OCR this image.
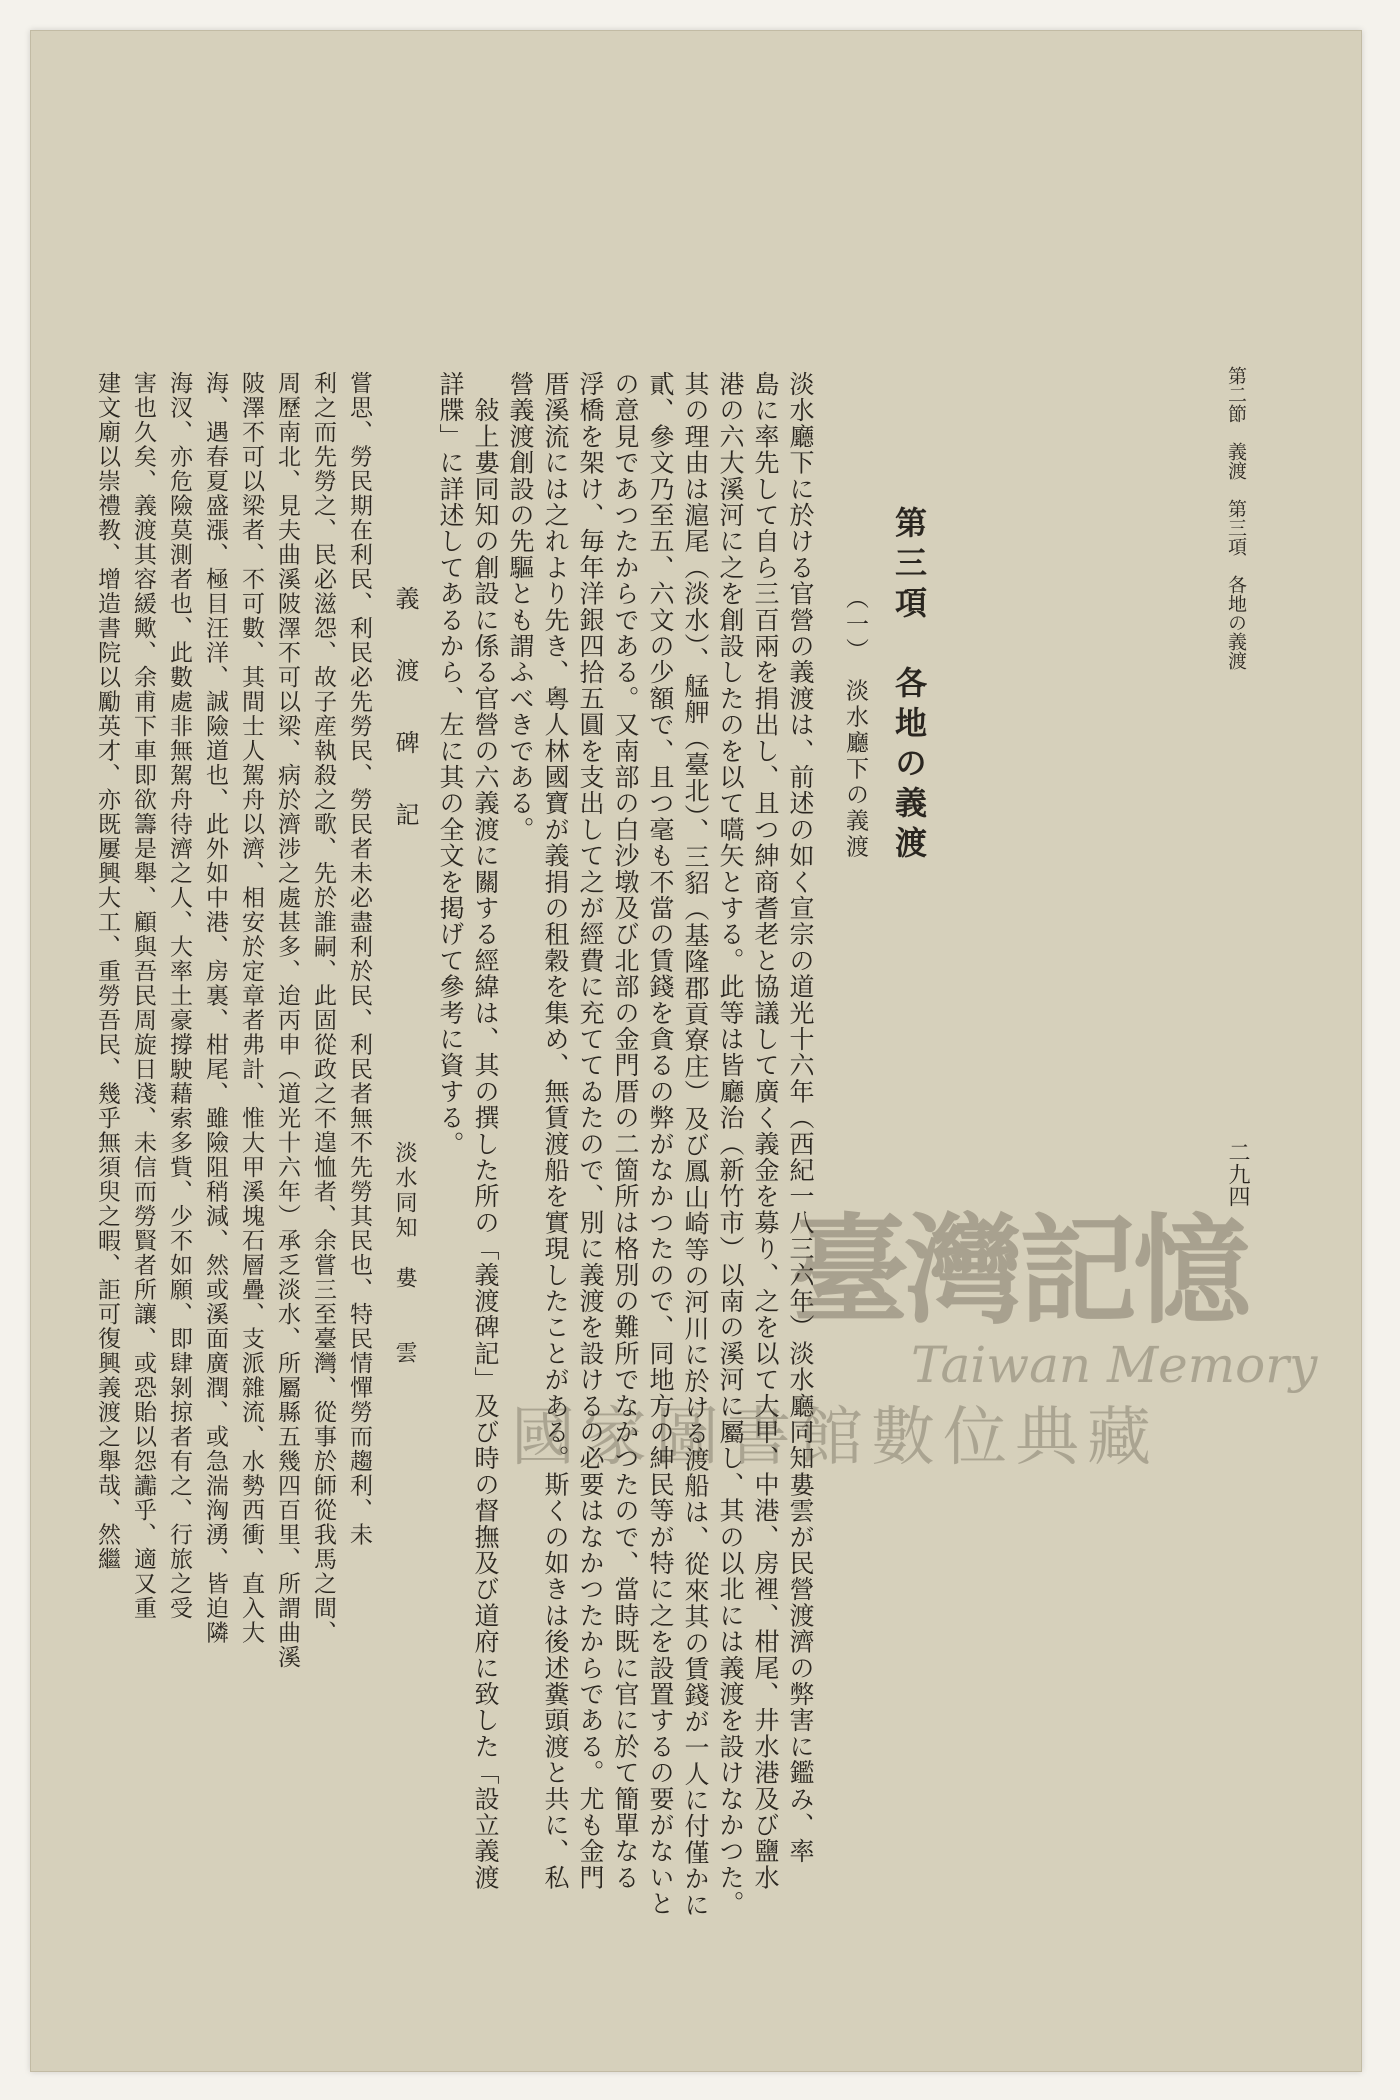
第二節　義渡　第三項　各地の義渡
二九四
第三項　各地の義渡
（一）　淡水廳下の義渡
淡水廳下に於ける官營の義渡は、前述の如く宣宗の道光十六年（西紀一八三六年）淡水廳同知婁雲が民營渡濟の弊害に鑑み、率
島に率先して自ら三百兩を捐出し、且つ紳商耆老と協議して廣く義金を募り、之を以て大甲、中港、房裡、柑尾、井水港及び鹽水
港の六大溪河に之を創設したのを以て嚆矢とする。此等は皆廳治（新竹市）以南の溪河に屬し、其の以北には義渡を設けなかつた。
其の理由は滬尾（淡水）、艋舺（臺北）、三貂（基隆郡貢寮庄）及び鳳山崎等の河川に於ける渡船は、從來其の賃錢が一人に付僅かに
貳、參文乃至五、六文の少額で、且つ毫も不當の賃錢を貪るの弊がなかつたので、同地方の紳民等が特に之を設置するの要がないと
の意見であつたからである。又南部の白沙墩及び北部の金門厝の二箇所は格別の難所でなかつたので、當時既に官に於て簡單なる
浮橋を架け、毎年洋銀四拾五圓を支出して之が經費に充ててゐたので、別に義渡を設けるの必要はなかつたからである。尤も金門
厝溪流には之れより先き、粵人林國寶が義捐の租穀を集め、無賃渡船を實現したことがある。斯くの如きは後述糞頭渡と共に、私
營義渡創設の先驅とも謂ふべきである。
　敍上婁同知の創設に係る官營の六義渡に關する經緯は、其の撰した所の「義渡碑記」及び時の督撫及び道府に致した「設立義渡
詳牒」に詳述してあるから、左に其の全文を掲げて參考に資する。
義　渡　碑　記
淡水同知　婁　　雲
嘗思、勞民期在利民、利民必先勞民、勞民者未必盡利於民、利民者無不先勞其民也、特民情憚勞而趨利、未
利之而先勞之、民必滋怨、故子産執殺之歌、先於誰嗣、此固從政之不遑恤者、余嘗三至臺灣、從事於師從我馬之間、
周歷南北、見夫曲溪陂澤不可以梁、病於濟涉之處甚多、迨丙申（道光十六年）承乏淡水、所屬縣五幾四百里、所謂曲溪
陂澤不可以梁者、不可數、其間士人駕舟以濟、相安於定章者弗計、惟大甲溪塊石層疊、支派雜流、水勢西衝、直入大
海、遇春夏盛漲、極目汪洋、誠險道也、此外如中港、房裏、柑尾、雖險阻稍減、然或溪面廣潤、或急湍洶湧、皆迫隣
海汊、亦危險莫測者也、此數處非無駕舟待濟之人、大率土豪撐駛藉索多貲、少不如願、即肆剝掠者有之、行旅之受
害也久矣、義渡其容緩歟、余甫下車即欲籌是舉、顧與吾民周旋日淺、未信而勞賢者所讓、或恐貽以怨讟乎、適又重
建文廟以崇禮教、增造書院以勵英才、亦既屢興大工、重勞吾民、幾乎無須臾之暇、詎可復興義渡之舉哉、然繼	臺灣記憶
Taiwan Memory
國家圖書館數位典藏
